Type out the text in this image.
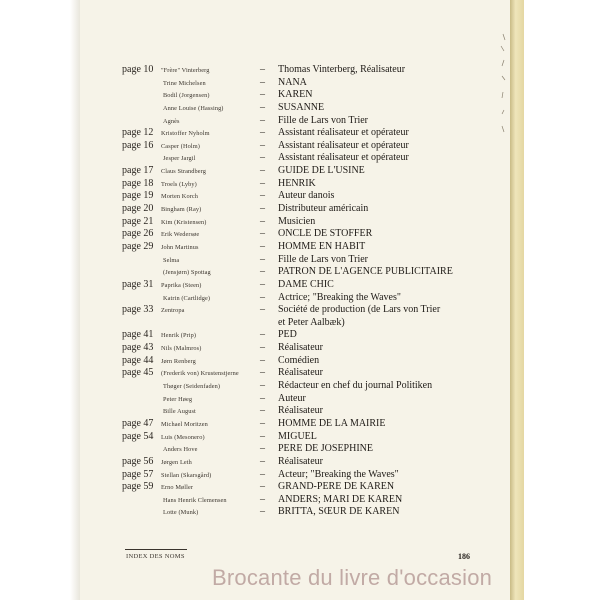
page 10 "Frère" Vinterberg	– Thomas Vinterberg, Réalisateur
Trine Michelsen	– NANA
Bodil (Jorgensen)	– KAREN
Anne Louise (Hassing)	– SUSANNE
Agnès	– Fille de Lars von Trier
page 12 Kristoffer Nyholm	– Assistant réalisateur et opérateur
page 16 Casper (Holm)	– Assistant réalisateur et opérateur
Jesper Jargil	– Assistant réalisateur et opérateur
page 17 Claus Strandberg	– GUIDE DE L'USINE
page 18 Troels (Lyby)	– HENRIK
page 19 Morten Korch	– Auteur danois
page 20 Bingham (Ray)	– Distributeur américain
page 21 Kim (Kristensen)	– Musicien
page 26 Erik Wedersøe	– ONCLE DE STOFFER
page 29 John Martinus	– HOMME EN HABIT
Selma	– Fille de Lars von Trier
(Jensjørn) Spottag	– PATRON DE L'AGENCE PUBLICITAIRE
page 31 Paprika (Steen)	– DAME CHIC
Katrin (Cartlidge)	– Actrice; "Breaking the Waves"
page 33 Zentropa	– Société de production (de Lars von Trier
et Peter Aalbæk)
page 41 Henrik (Prip)	– PED
page 43 Nils (Malmros)	– Réalisateur
page 44 Jørn Renberg	– Comédien
page 45 (Frederik von) Krustenstjerne – Réalisateur
Thøger (Seidenfaden)	– Rédacteur en chef du journal Politiken
Peter Høeg	– Auteur
Bille August	– Réalisateur
page 47 Michael Moritzen	– HOMME DE LA MAIRIE
page 54 Luis (Mesonero)	– MIGUEL
Anders Hove	– PERE DE JOSEPHINE
page 56 Jørgen Leth	– Réalisateur
page 57 Stellan (Skarsgård)	– Acteur; "Breaking the Waves"
page 59 Erno Møller	– GRAND-PERE DE KAREN
Hans Henrik Clemensen	– ANDERS; MARI DE KAREN
Lotte (Munk)	– BRITTA, SŒUR DE KAREN
INDEX DES NOMS	186
Brocante du livre d'occasion
